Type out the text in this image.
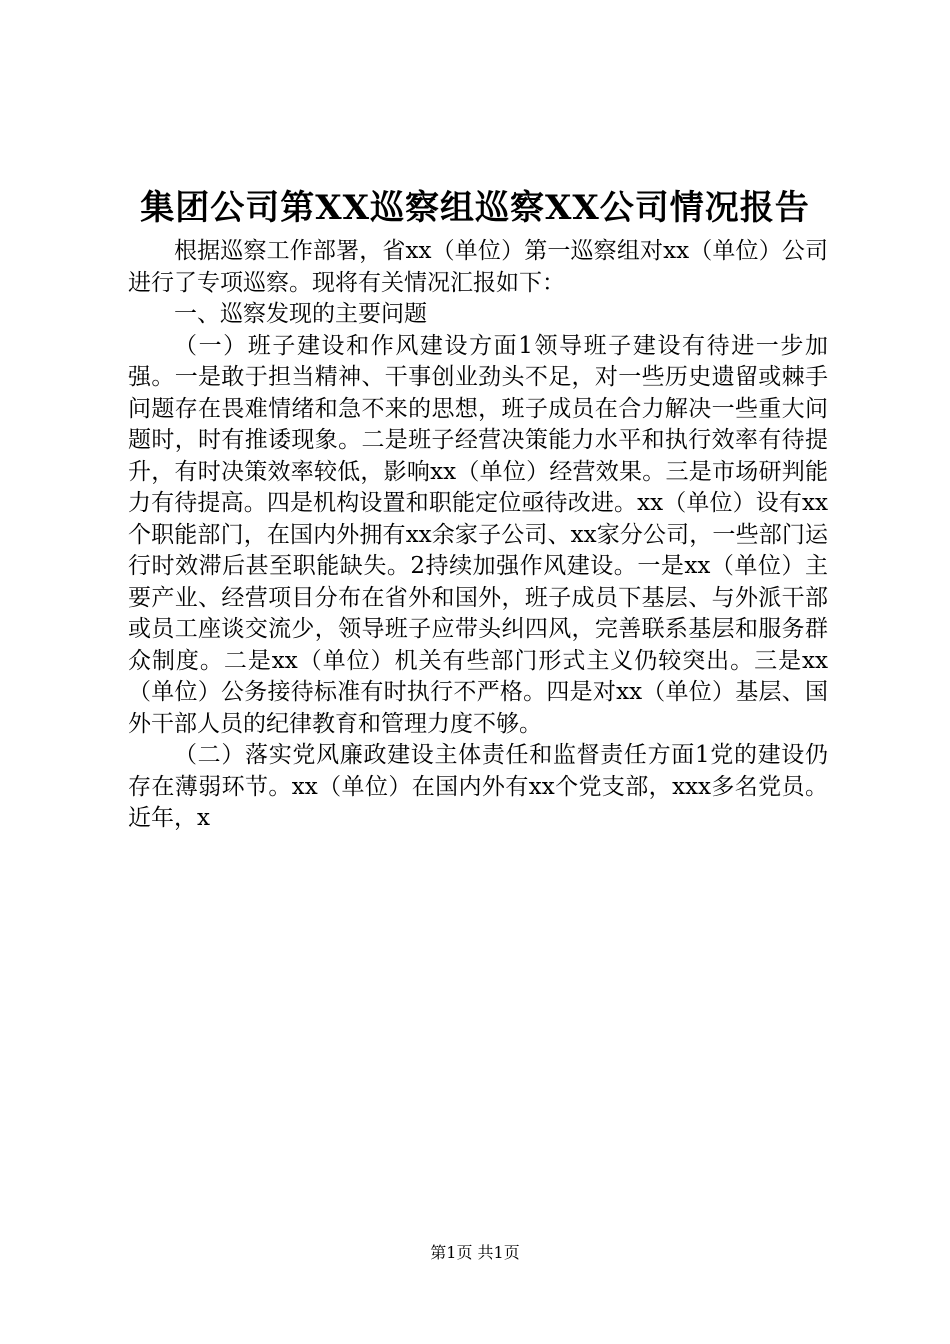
集团公司第XX巡察组巡察XX公司情况报告

根据巡察工作部署，省xx（单位）第一巡察组对xx（单位）公司进行了专项巡察。现将有关情况汇报如下：

一、巡察发现的主要问题

（一）班子建设和作风建设方面1领导班子建设有待进一步加强。一是敢于担当精神、干事创业劲头不足，对一些历史遗留或棘手问题存在畏难情绪和急不来的思想，班子成员在合力解决一些重大问题时，时有推诿现象。二是班子经营决策能力水平和执行效率有待提升，有时决策效率较低，影响xx（单位）经营效果。三是市场研判能力有待提高。四是机构设置和职能定位亟待改进。xx（单位）设有xx个职能部门，在国内外拥有xx余家子公司、xx家分公司，一些部门运行时效滞后甚至职能缺失。2持续加强作风建设。一是xx（单位）主要产业、经营项目分布在省外和国外，班子成员下基层、与外派干部或员工座谈交流少，领导班子应带头纠四风，完善联系基层和服务群众制度。二是xx（单位）机关有些部门形式主义仍较突出。三是xx（单位）公务接待标准有时执行不严格。四是对xx（单位）基层、国外干部人员的纪律教育和管理力度不够。

（二）落实党风廉政建设主体责任和监督责任方面1党的建设仍存在薄弱环节。xx（单位）在国内外有xx个党支部，xxx多名党员。近年，x

第1页 共1页
